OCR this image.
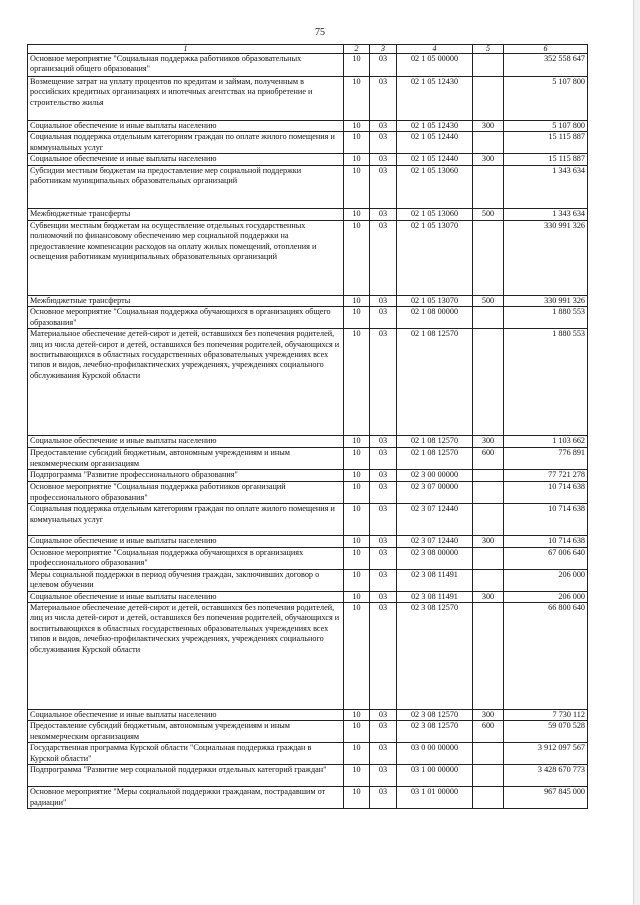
75
1	2	3	4	5	6
Основное мероприятие "Социальная поддержка работников образовательных организаций общего образования"	10	03	02 1 05 00000		352 558 647
Возмещение затрат на уплату процентов по кредитам и займам, полученным в российских кредитных организациях и ипотечных агентствах на приобретение и строительство жилья	10	03	02 1 05 12430		5 107 800
Социальное обеспечение и иные выплаты населению	10	03	02 1 05 12430	300	5 107 800
Социальная поддержка отдельным категориям граждан по оплате жилого помещения и коммунальных услуг	10	03	02 1 05 12440		15 115 887
Социальное обеспечение и иные выплаты населению	10	03	02 1 05 12440	300	15 115 887
Субсидии местным бюджетам на предоставление мер социальной поддержки работникам муниципальных образовательных организаций	10	03	02 1 05 13060		1 343 634
Межбюджетные трансферты	10	03	02 1 05 13060	500	1 343 634
Субвенции местным бюджетам на осуществление отдельных государственных полномочий по финансовому обеспечению мер социальной поддержки на предоставление компенсации расходов на оплату жилых помещений, отопления и освещения работникам муниципальных образовательных организаций	10	03	02 1 05 13070		330 991 326
Межбюджетные трансферты	10	03	02 1 05 13070	500	330 991 326
Основное мероприятие "Социальная поддержка обучающихся в организациях общего образования"	10	03	02 1 08 00000		1 880 553
Материальное обеспечение детей-сирот и детей, оставшихся без попечения родителей, лиц из числа детей-сирот и детей, оставшихся без попечения родителей, обучающихся и воспитывающихся в областных государственных образовательных учреждениях всех типов и видов, лечебно-профилактических учреждениях, учреждениях социального обслуживания Курской области	10	03	02 1 08 12570		1 880 553
Социальное обеспечение и иные выплаты населению	10	03	02 1 08 12570	300	1 103 662
Предоставление субсидий бюджетным, автономным учреждениям и иным некоммерческим организациям	10	03	02 1 08 12570	600	776 891
Подпрограмма "Развитие профессионального образования"	10	03	02 3 00 00000		77 721 278
Основное мероприятие "Социальная поддержка работников организаций профессионального образования"	10	03	02 3 07 00000		10 714 638
Социальная поддержка отдельным категориям граждан по оплате жилого помещения и коммунальных услуг	10	03	02 3 07 12440		10 714 638
Социальное обеспечение и иные выплаты населению	10	03	02 3 07 12440	300	10 714 638
Основное мероприятие "Социальная поддержка обучающихся в организациях профессионального образования"	10	03	02 3 08 00000		67 006 640
Меры социальной поддержки в период обучения граждан, заключивших договор о целевом обучении	10	03	02 3 08 11491		206 000
Социальное обеспечение и иные выплаты населению	10	03	02 3 08 11491	300	206 000
Материальное обеспечение детей-сирот и детей, оставшихся без попечения родителей, лиц из числа детей-сирот и детей, оставшихся без попечения родителей, обучающихся и воспитывающихся в областных государственных образовательных учреждениях всех типов и видов, лечебно-профилактических учреждениях, учреждениях социального обслуживания Курской области	10	03	02 3 08 12570		66 800 640
Социальное обеспечение и иные выплаты населению	10	03	02 3 08 12570	300	7 730 112
Предоставление субсидий бюджетным, автономным учреждениям и иным некоммерческим организациям	10	03	02 3 08 12570	600	59 070 528
Государственная программа Курской области "Социальная поддержка граждан в Курской области"	10	03	03 0 00 00000		3 912 097 567
Подпрограмма "Развитие мер социальной поддержки отдельных категорий граждан"	10	03	03 1 00 00000		3 428 670 773
Основное мероприятие "Меры социальной поддержки гражданам, пострадавшим от радиации"	10	03	03 1 01 00000		967 845 000
